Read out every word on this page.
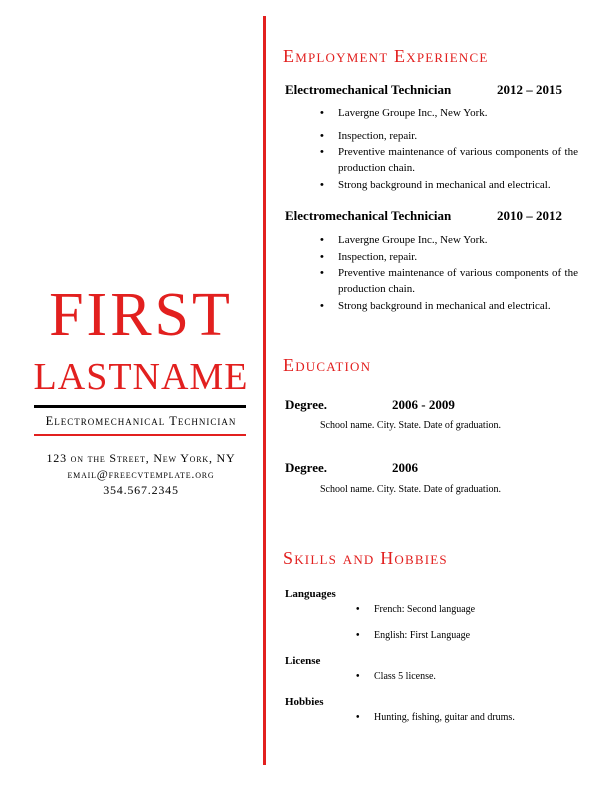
FIRST
LASTNAME
Electromechanical Technician
123 on the Street, New York, NY
email@freecvtemplate.org
354.567.2345
Employment Experience
Electromechanical Technician	2012 – 2015
• Lavergne Groupe Inc., New York.
• Inspection, repair.
• Preventive maintenance of various components of the production chain.
• Strong background in mechanical and electrical.
Electromechanical Technician	2010 – 2012
• Lavergne Groupe Inc., New York.
• Inspection, repair.
• Preventive maintenance of various components of the production chain.
• Strong background in mechanical and electrical.
Education
Degree.	2006 - 2009
School name. City. State. Date of graduation.
Degree.	2006
School name. City. State. Date of graduation.
Skills and Hobbies
Languages
• French: Second language
• English: First Language
License
• Class 5 license.
Hobbies
• Hunting, fishing, guitar and drums.
